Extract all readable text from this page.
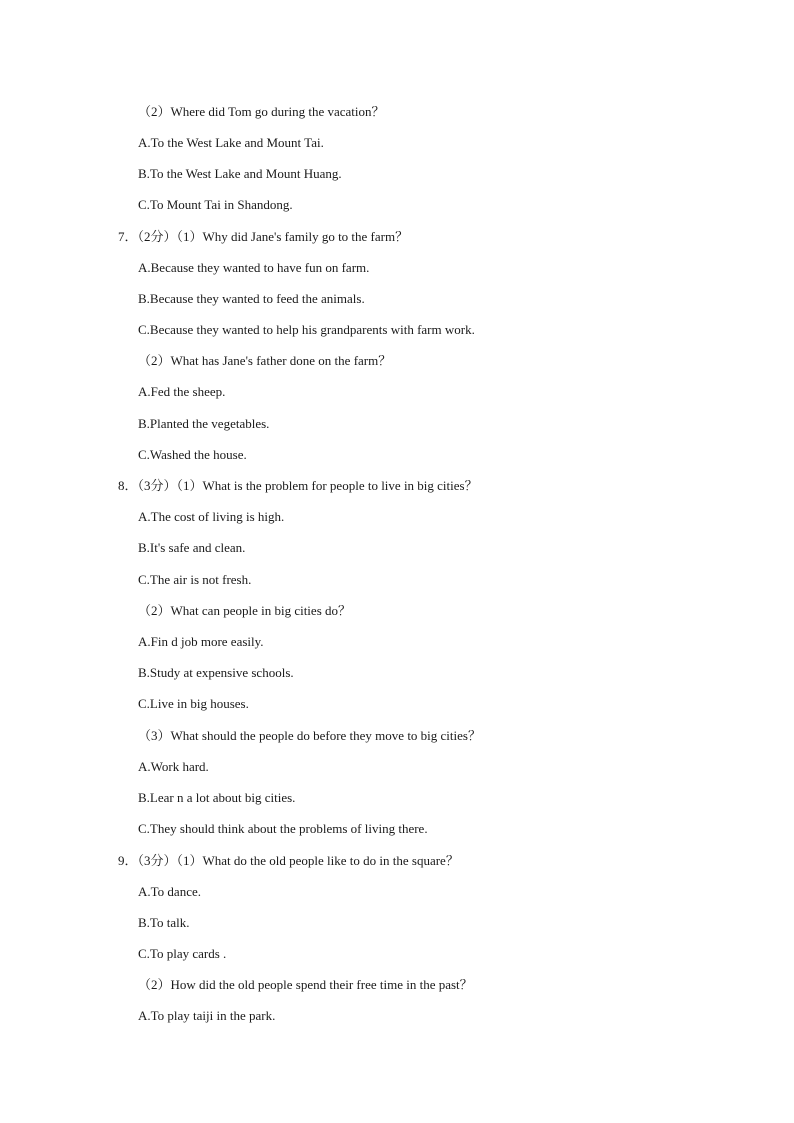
（2）Where did Tom go during the vacation？
A.To the West Lake and Mount Tai.
B.To the West Lake and Mount Huang.
C.To Mount Tai in Shandong.
7．（2分）（1）Why did Jane's family go to the farm？
A.Because they wanted to have fun on farm.
B.Because they wanted to feed the animals.
C.Because they wanted to help his grandparents with farm work.
（2）What has Jane's father done on the farm？
A.Fed the sheep.
B.Planted the vegetables.
C.Washed the house.
8．（3分）（1）What is the problem for people to live in big cities？
A.The cost of living is high.
B.It's safe and clean.
C.The air is not fresh.
（2）What can people in big cities do？
A.Fin d job more easily.
B.Study at expensive schools.
C.Live in big houses.
（3）What should the people do before they move to big cities？
A.Work hard.
B.Lear n a lot about big cities.
C.They should think about the problems of living there.
9．（3分）（1）What do the old people like to do in the square？
A.To dance.
B.To talk.
C.To play cards .
（2）How did the old people spend their free time in the past？
A.To play taiji in the park.
